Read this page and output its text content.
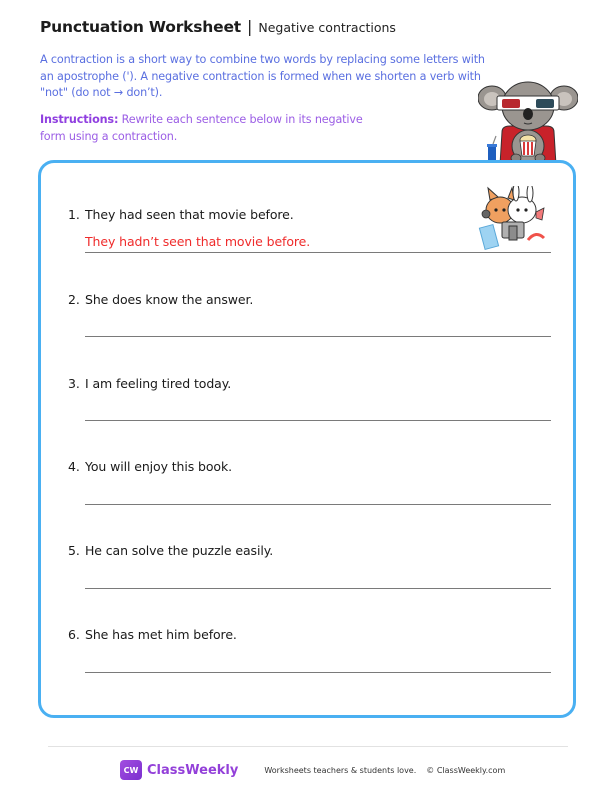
Punctuation Worksheet | Negative contractions

A contraction is a short way to combine two words by replacing some letters with an apostrophe ('). A negative contraction is formed when we shorten a verb with "not" (do not → don’t).

Instructions: Rewrite each sentence below in its negative form using a contraction.

1. They had seen that movie before.
They hadn’t seen that movie before.
2. She does know the answer.
3. I am feeling tired today.
4. You will enjoy this book.
5. He can solve the puzzle easily.
6. She has met him before.
CW ClassWeekly	Worksheets teachers & students love. © ClassWeekly.com
